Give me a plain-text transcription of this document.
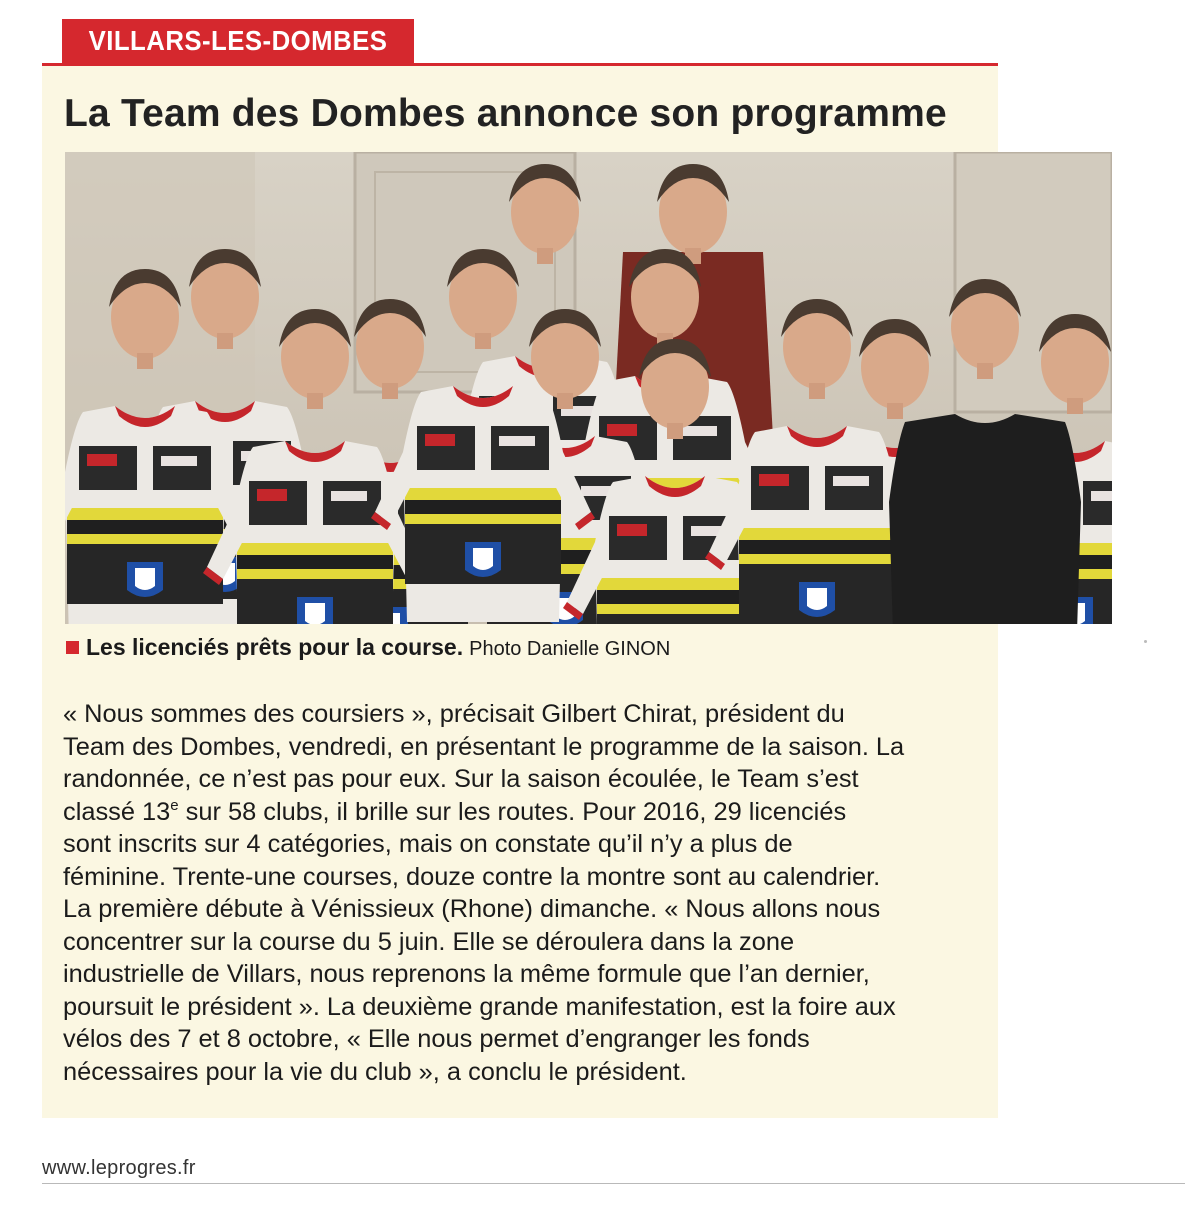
VILLARS-LES-DOMBES
La Team des Dombes annonce son programme
Les licenciés prêts pour la course. Photo Danielle GINON
« Nous sommes des coursiers », précisait Gilbert Chirat, président du
Team des Dombes, vendredi, en présentant le programme de la saison. La
randonnée, ce n’est pas pour eux. Sur la saison écoulée, le Team s’est
classé 13e sur 58 clubs, il brille sur les routes. Pour 2016, 29 licenciés
sont inscrits sur 4 catégories, mais on constate qu’il n’y a plus de
féminine. Trente-une courses, douze contre la montre sont au calendrier.
La première débute à Vénissieux (Rhone) dimanche. « Nous allons nous
concentrer sur la course du 5 juin. Elle se déroulera dans la zone
industrielle de Villars, nous reprenons la même formule que l’an dernier,
poursuit le président ». La deuxième grande manifestation, est la foire aux
vélos des 7 et 8 octobre, « Elle nous permet d’engranger les fonds
nécessaires pour la vie du club », a conclu le président.
www.leprogres.fr
